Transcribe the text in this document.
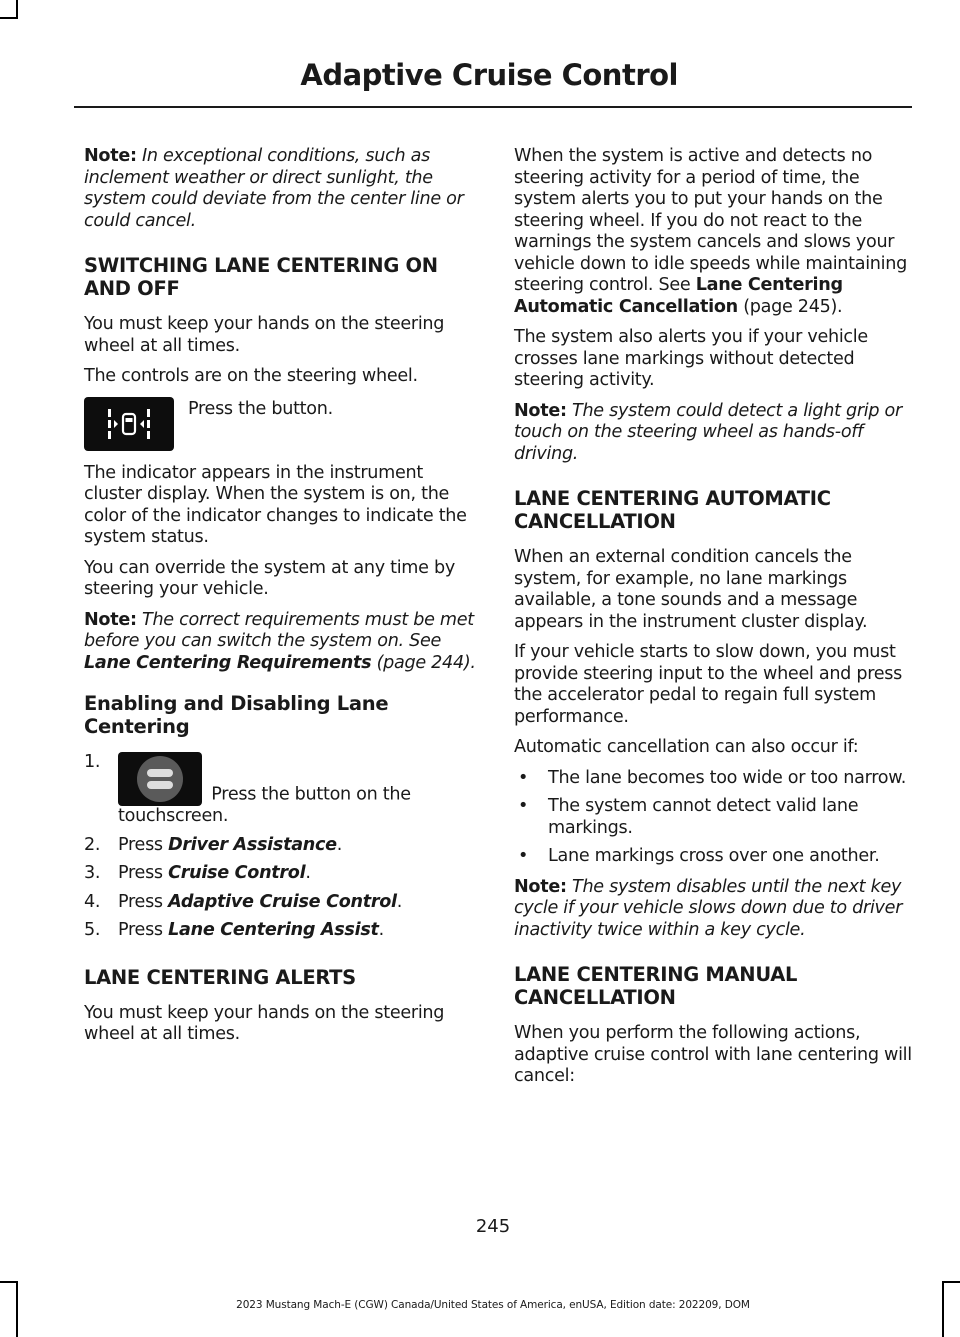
Adaptive Cruise Control

Note: In exceptional conditions, such as inclement weather or direct sunlight, the system could deviate from the center line or could cancel.

SWITCHING LANE CENTERING ON AND OFF

You must keep your hands on the steering wheel at all times.

The controls are on the steering wheel.

Press the button.

The indicator appears in the instrument cluster display. When the system is on, the color of the indicator changes to indicate the system status.

You can override the system at any time by steering your vehicle.

Note: The correct requirements must be met before you can switch the system on. See Lane Centering Requirements (page 244).

Enabling and Disabling Lane Centering
1.
Press the button on the touchscreen.
2.	Press Driver Assistance.
3.	Press Cruise Control.
4.	Press Adaptive Cruise Control.
5.	Press Lane Centering Assist.
LANE CENTERING ALERTS

You must keep your hands on the steering wheel at all times.

When the system is active and detects no steering activity for a period of time, the system alerts you to put your hands on the steering wheel. If you do not react to the warnings the system cancels and slows your vehicle down to idle speeds while maintaining steering control. See Lane Centering Automatic Cancellation (page 245).

The system also alerts you if your vehicle crosses lane markings without detected steering activity.

Note: The system could detect a light grip or touch on the steering wheel as hands-off driving.

LANE CENTERING AUTOMATIC CANCELLATION

When an external condition cancels the system, for example, no lane markings available, a tone sounds and a message appears in the instrument cluster display.

If your vehicle starts to slow down, you must provide steering input to the wheel and press the accelerator pedal to regain full system performance.

Automatic cancellation can also occur if:

•	The lane becomes too wide or too narrow.
•	The system cannot detect valid lane markings.
•	Lane markings cross over one another.

Note: The system disables until the next key cycle if your vehicle slows down due to driver inactivity twice within a key cycle.

LANE CENTERING MANUAL CANCELLATION

When you perform the following actions, adaptive cruise control with lane centering will cancel:

245
2023 Mustang Mach-E (CGW) Canada/United States of America, enUSA, Edition date: 202209, DOM
